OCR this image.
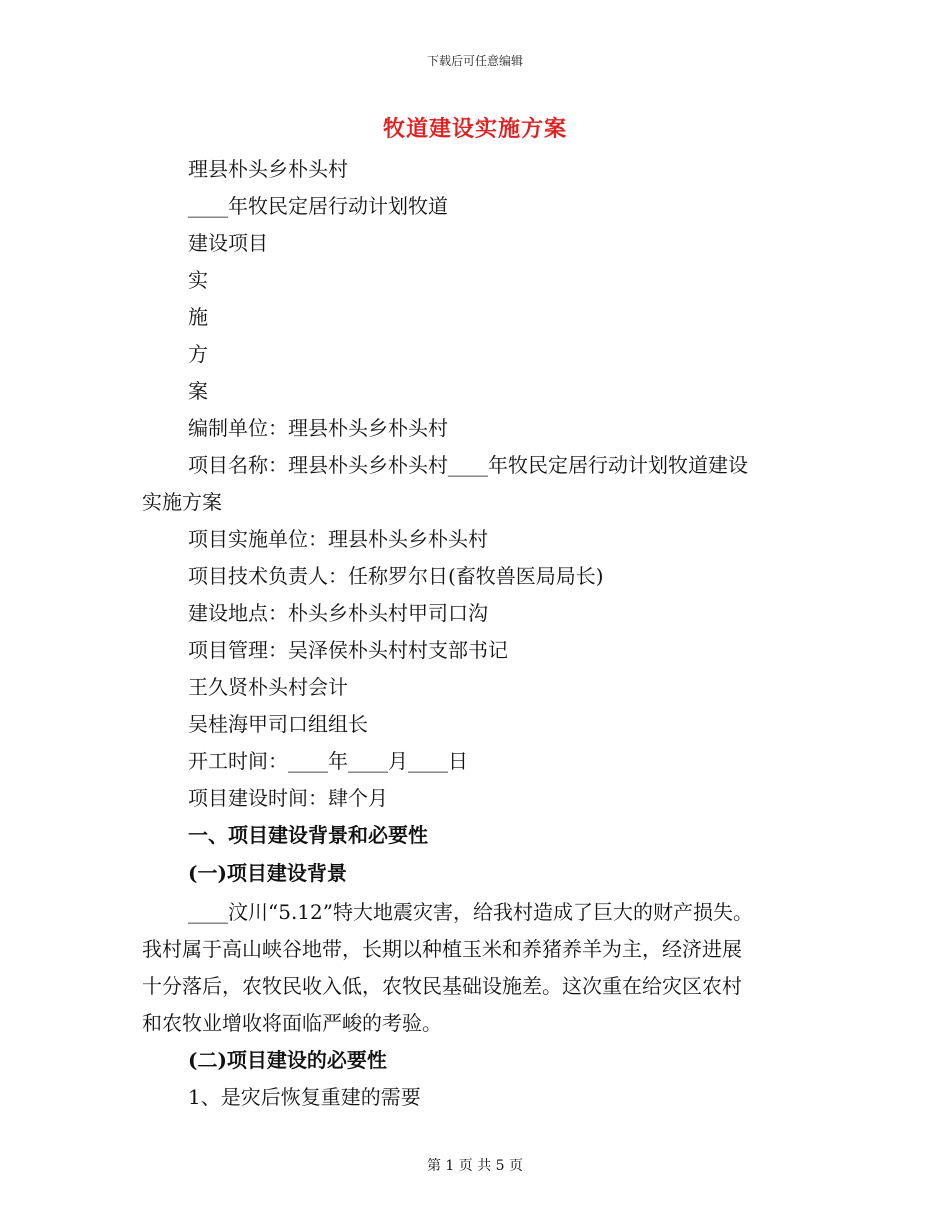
下载后可任意编辑
牧道建设实施方案
理县朴头乡朴头村
____年牧民定居行动计划牧道
建设项目
实
施
方
案
编制单位：理县朴头乡朴头村
项目名称：理县朴头乡朴头村____年牧民定居行动计划牧道建设
实施方案
项目实施单位：理县朴头乡朴头村
项目技术负责人：任称罗尔日(畜牧兽医局局长)
建设地点：朴头乡朴头村甲司口沟
项目管理：吴泽侯朴头村村支部书记
王久贤朴头村会计
吴桂海甲司口组组长
开工时间：____年____月____日
项目建设时间：肆个月
一、项目建设背景和必要性
(一)项目建设背景
____汶川“5.12”特大地震灾害，给我村造成了巨大的财产损失。
我村属于高山峡谷地带，长期以种植玉米和养猪养羊为主，经济进展
十分落后，农牧民收入低，农牧民基础设施差。这次重在给灾区农村
和农牧业增收将面临严峻的考验。
(二)项目建设的必要性
1、是灾后恢复重建的需要
第 1 页 共 5 页
